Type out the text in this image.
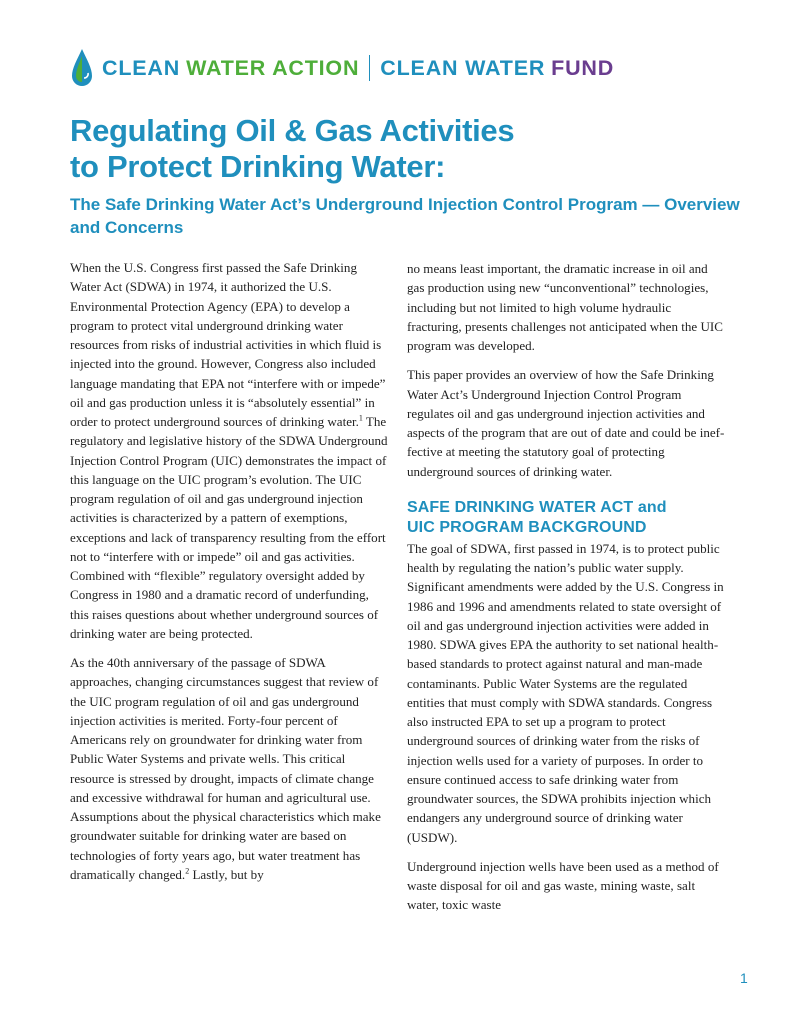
CLEAN WATER ACTION CLEAN WATER FUND
Regulating Oil & Gas Activities
to Protect Drinking Water:
The Safe Drinking Water Act’s Underground Injection Control Program — Overview and Concerns

When the U.S. Congress first passed the Safe Drinking Water Act (SDWA) in 1974, it authorized the U.S. Environmental Protection Agency (EPA) to develop a program to protect vital underground drinking water resources from risks of industrial activities in which fluid is injected into the ground. However, Congress also included language mandating that EPA not “interfere with or impede” oil and gas production unless it is “absolutely essential” in order to protect underground sources of drinking water.$^1$ The regulatory and legislative history of the SDWA Underground Injection Control Program (UIC) demonstrates the impact of this language on the UIC program’s evolution. The UIC program regulation of oil and gas underground injection activities is characterized by a pattern of exemptions, exceptions and lack of transparency resulting from the effort not to “interfere with or impede” oil and gas activities. Combined with “flexible” regulatory oversight added by Congress in 1980 and a dramatic record of underfunding, this raises questions about whether underground sources of drinking water are being protected.

As the 40th anniversary of the passage of SDWA approaches, changing circumstances suggest that review of the UIC program regulation of oil and gas underground injection activities is merited. Forty-four percent of Americans rely on groundwater for drinking water from Public Water Systems and private wells. This critical resource is stressed by drought, impacts of climate change and excessive withdrawal for human and agricultural use. Assumptions about the physical characteristics which make groundwater suitable for drinking water are based on technologies of forty years ago, but water treatment has dramatically changed.$^2$ Lastly, but by

no means least important, the dramatic increase in oil and gas production using new “unconventional” technologies, including but not limited to high volume hydraulic fracturing, presents challenges not anticipated when the UIC program was developed.

This paper provides an overview of how the Safe Drinking Water Act’s Underground Injection Control Program regulates oil and gas underground injection activities and aspects of the program that are out of date and could be ineffective at meeting the statutory goal of protecting underground sources of drinking water.

SAFE DRINKING WATER ACT and
UIC PROGRAM BACKGROUND

The goal of SDWA, first passed in 1974, is to protect public health by regulating the nation’s public water supply. Significant amendments were added by the U.S. Congress in 1986 and 1996 and amendments related to state oversight of oil and gas underground injection activities were added in 1980. SDWA gives EPA the authority to set national health-based standards to protect against natural and man-made contaminants. Public Water Systems are the regulated entities that must comply with SDWA standards. Congress also instructed EPA to set up a program to protect underground sources of drinking water from the risks of injection wells used for a variety of purposes. In order to ensure continued access to safe drinking water from groundwater sources, the SDWA prohibits injection which endangers any underground source of drinking water (USDW).

Underground injection wells have been used as a method of waste disposal for oil and gas waste, mining waste, salt water, toxic waste

1
